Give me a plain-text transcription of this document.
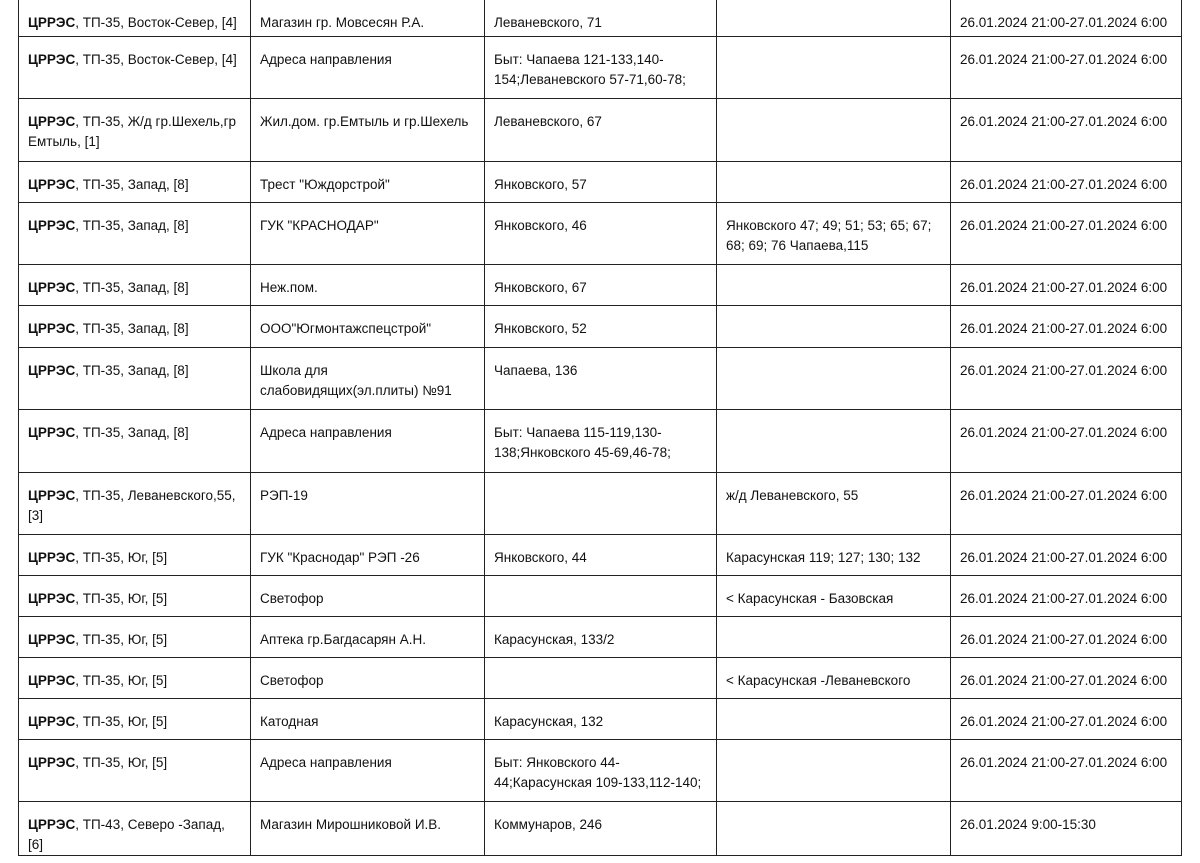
ЦРРЭС, ТП-35, Восток-Север, [4]	Магазин гр. Мовсесян Р.А.	Леваневского, 71		26.01.2024 21:00-27.01.2024 6:00
ЦРРЭС, ТП-35, Восток-Север, [4]	Адреса направления	Быт: Чапаева 121-133,140-154;Леваневского 57-71,60-78;		26.01.2024 21:00-27.01.2024 6:00
ЦРРЭС, ТП-35, Ж/д гр.Шехель,гр Емтыль, [1]	Жил.дом. гр.Емтыль и гр.Шехель	Леваневского, 67		26.01.2024 21:00-27.01.2024 6:00
ЦРРЭС, ТП-35, Запад, [8]	Трест "Юждорстрой"	Янковского, 57		26.01.2024 21:00-27.01.2024 6:00
ЦРРЭС, ТП-35, Запад, [8]	ГУК "КРАСНОДАР"	Янковского, 46	Янковского 47; 49; 51; 53; 65; 67; 68; 69; 76 Чапаева,115	26.01.2024 21:00-27.01.2024 6:00
ЦРРЭС, ТП-35, Запад, [8]	Неж.пом.	Янковского, 67		26.01.2024 21:00-27.01.2024 6:00
ЦРРЭС, ТП-35, Запад, [8]	ООО"Югмонтажспецстрой"	Янковского, 52		26.01.2024 21:00-27.01.2024 6:00
ЦРРЭС, ТП-35, Запад, [8]	Школа для слабовидящих(эл.плиты) №91	Чапаева, 136		26.01.2024 21:00-27.01.2024 6:00
ЦРРЭС, ТП-35, Запад, [8]	Адреса направления	Быт: Чапаева 115-119,130-138;Янковского 45-69,46-78;		26.01.2024 21:00-27.01.2024 6:00
ЦРРЭС, ТП-35, Леваневского,55, [3]	РЭП-19		ж/д Леваневского, 55	26.01.2024 21:00-27.01.2024 6:00
ЦРРЭС, ТП-35, Юг, [5]	ГУК "Краснодар" РЭП -26	Янковского, 44	Карасунская 119; 127; 130; 132	26.01.2024 21:00-27.01.2024 6:00
ЦРРЭС, ТП-35, Юг, [5]	Светофор		< Карасунская - Базовская	26.01.2024 21:00-27.01.2024 6:00
ЦРРЭС, ТП-35, Юг, [5]	Аптека гр.Багдасарян А.Н.	Карасунская, 133/2		26.01.2024 21:00-27.01.2024 6:00
ЦРРЭС, ТП-35, Юг, [5]	Светофор		< Карасунская -Леваневского	26.01.2024 21:00-27.01.2024 6:00
ЦРРЭС, ТП-35, Юг, [5]	Катодная	Карасунская, 132		26.01.2024 21:00-27.01.2024 6:00
ЦРРЭС, ТП-35, Юг, [5]	Адреса направления	Быт: Янковского 44-44;Карасунская 109-133,112-140;		26.01.2024 21:00-27.01.2024 6:00
ЦРРЭС, ТП-43, Северо -Запад, [6]	Магазин Мирошниковой И.В.	Коммунаров, 246		26.01.2024 9:00-15:30
